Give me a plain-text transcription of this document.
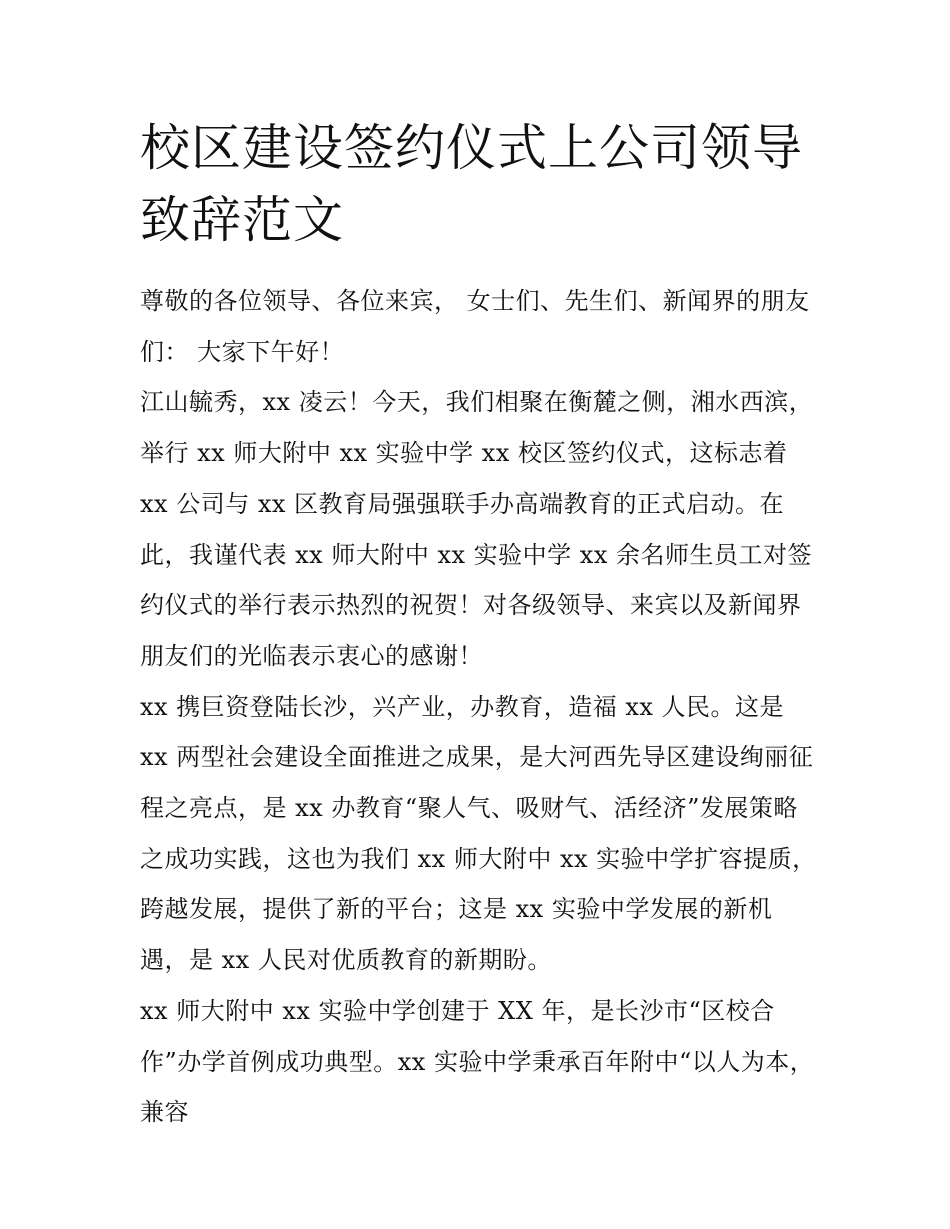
校区建设签约仪式上公司领导致辞范文

尊敬的各位领导、各位来宾， 女士们、先生们、新闻界的朋友们： 大家下午好！

江山毓秀，xx 凌云！今天，我们相聚在衡麓之侧，湘水西滨，举行 xx 师大附中 xx 实验中学 xx 校区签约仪式，这标志着 xx 公司与 xx 区教育局强强联手办高端教育的正式启动。在此，我谨代表 xx 师大附中 xx 实验中学 xx 余名师生员工对签约仪式的举行表示热烈的祝贺！对各级领导、来宾以及新闻界朋友们的光临表示衷心的感谢！

xx 携巨资登陆长沙，兴产业，办教育，造福 xx 人民。这是 xx 两型社会建设全面推进之成果，是大河西先导区建设绚丽征程之亮点，是 xx 办教育“聚人气、吸财气、活经济”发展策略之成功实践，这也为我们 xx 师大附中 xx 实验中学扩容提质，跨越发展，提供了新的平台；这是 xx 实验中学发展的新机遇，是 xx 人民对优质教育的新期盼。

xx 师大附中 xx 实验中学创建于 XX 年，是长沙市“区校合作”办学首例成功典型。xx 实验中学秉承百年附中“以人为本，兼容
